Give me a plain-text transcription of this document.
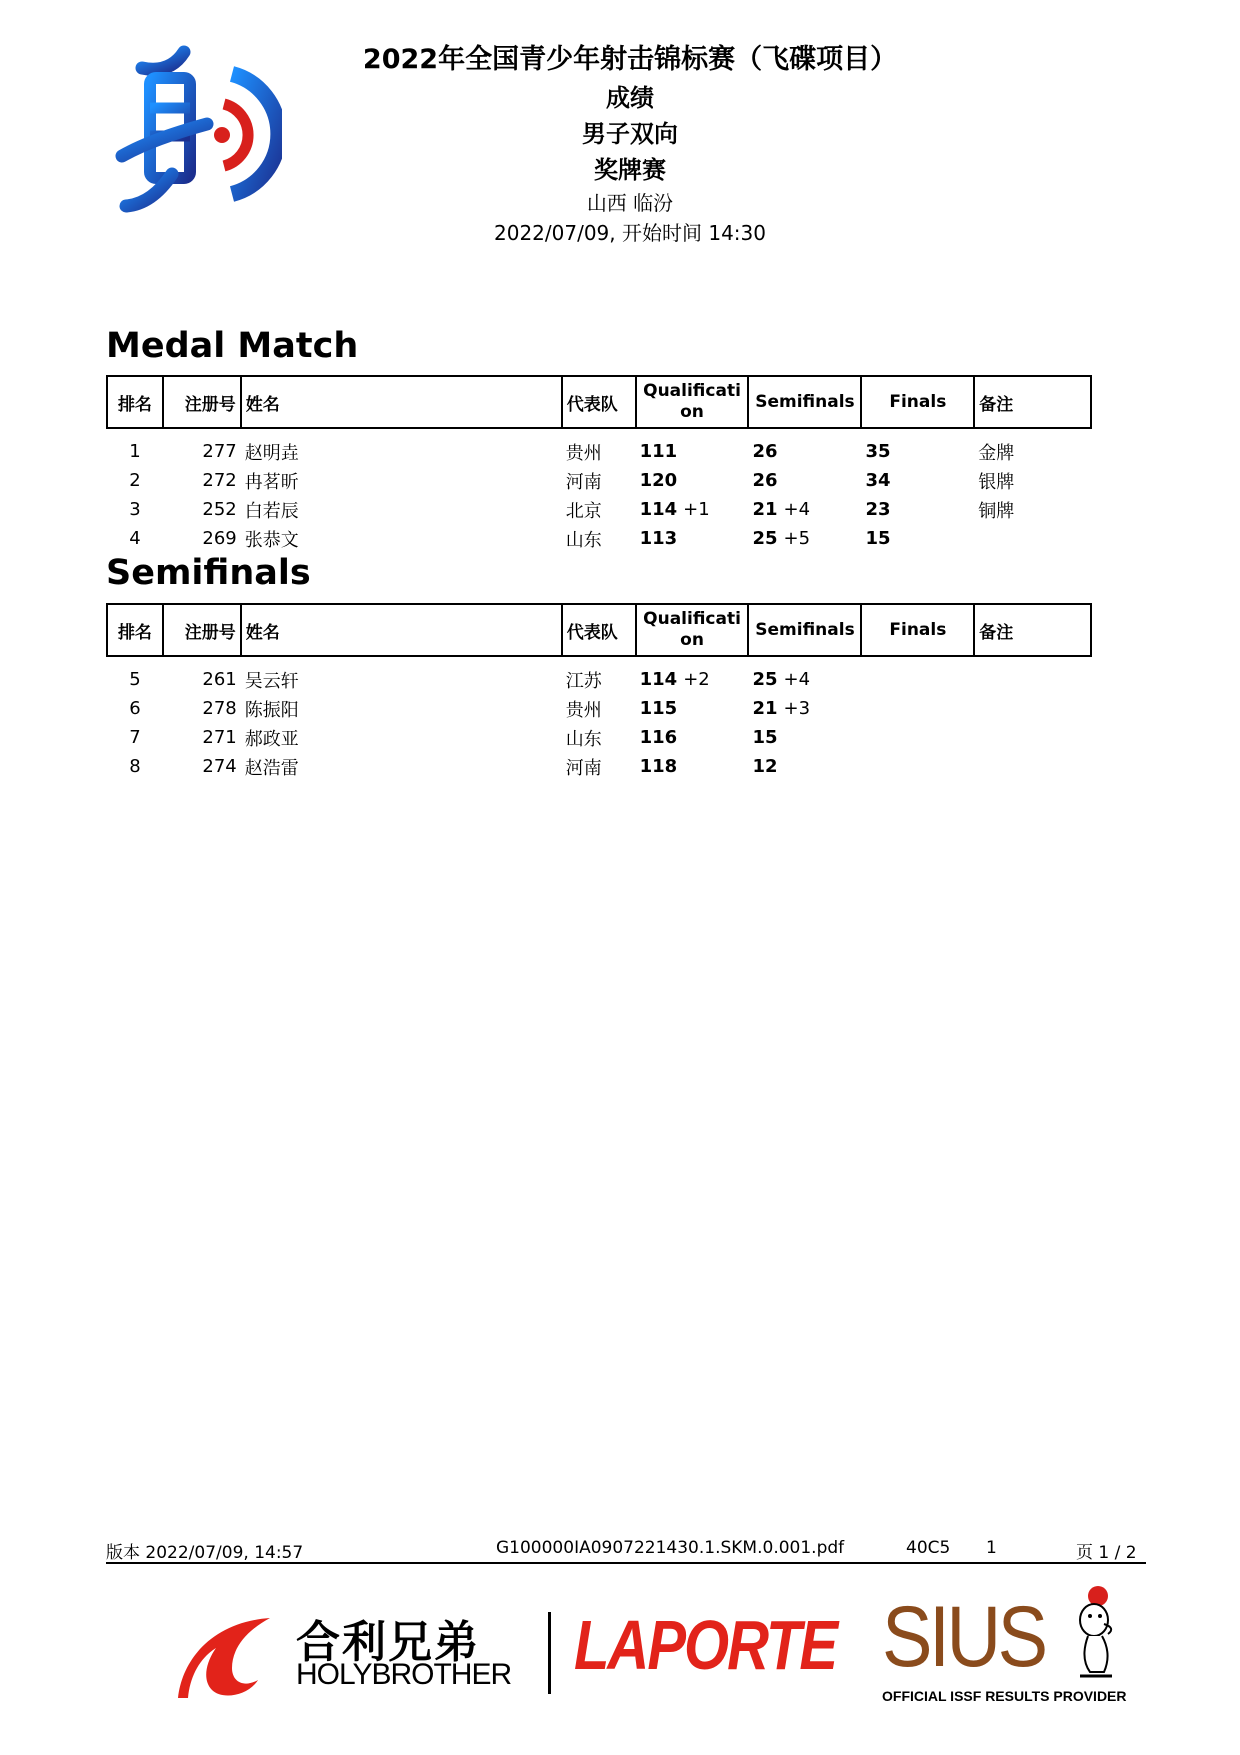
2022年全国青少年射击锦标赛（飞碟项目）
成绩
男子双向
奖牌赛
山西 临汾
2022/07/09, 开始时间 14:30
Medal Match
排名	注册号	姓名	代表队	Qualification	Semifinals	Finals	备注

1	277	赵明垚	贵州	111	26	35	金牌
2	272	冉茗昕	河南	120	26	34	银牌
3	252	白若辰	北京	114 +1	21 +4	23	铜牌
4	269	张恭文	山东	113	25 +5	15	
Semifinals
排名	注册号	姓名	代表队	Qualification	Semifinals	Finals	备注

5	261	吴云轩	江苏	114 +2	25 +4		
6	278	陈振阳	贵州	115	21 +3		
7	271	郝政亚	山东	116	15		
8	274	赵浩雷	河南	118	12		
版本 2022/07/09, 14:57	G100000IA0907221430.1.SKM.0.001.pdf	40C5 1	页 1 / 2
合利兄弟
HOLYBROTHER LAPORTE SIUS
OFFICIAL ISSF RESULTS PROVIDER
